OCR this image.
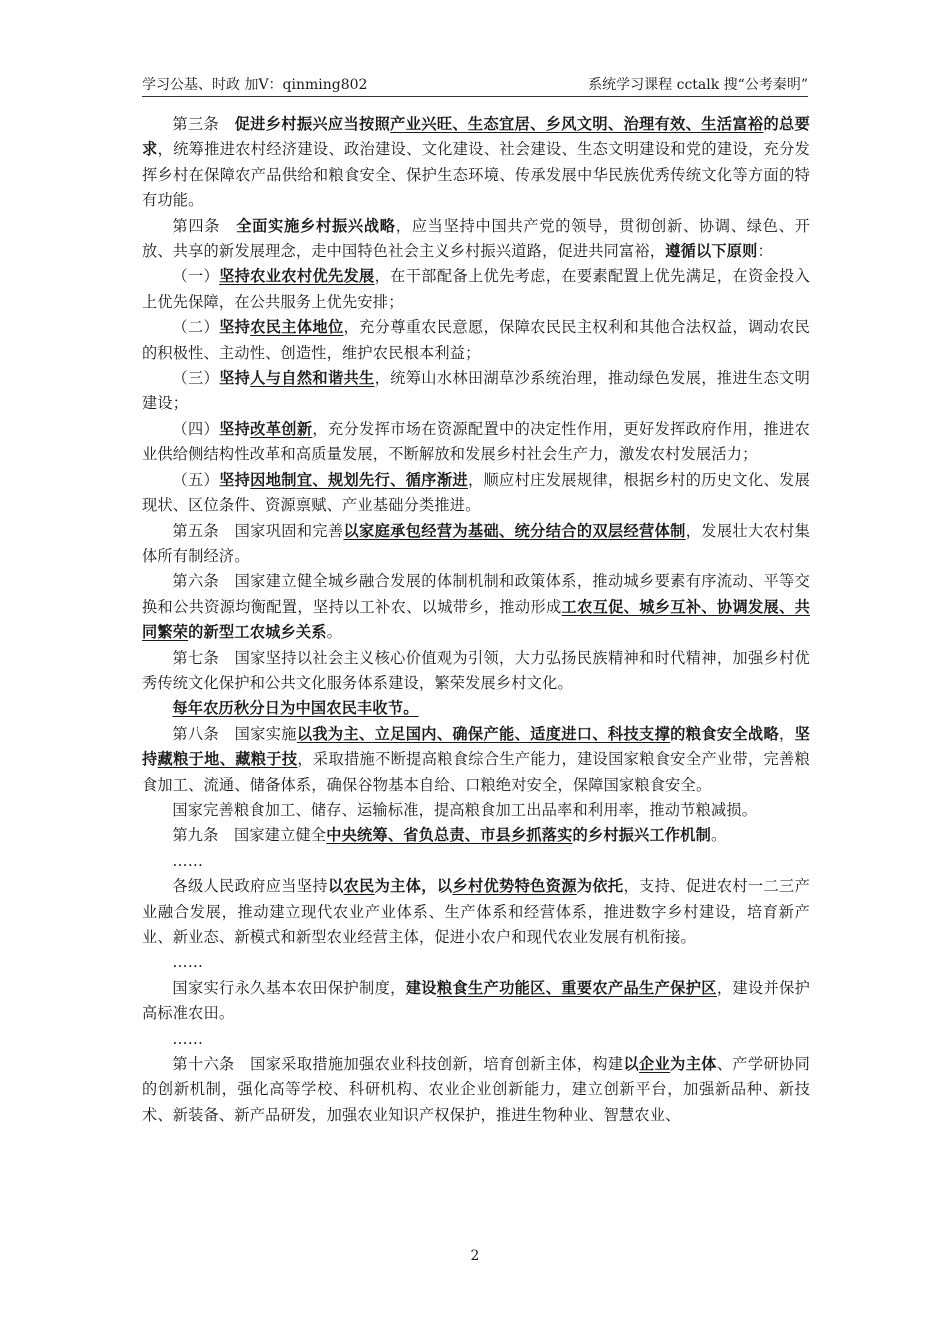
学习公基、时政 加V：qinming802	系统学习课程 cctalk 搜“公考秦明”

第三条　促进乡村振兴应当按照产业兴旺、生态宜居、乡风文明、治理有效、生活富裕的总要求，统筹推进农村经济建设、政治建设、文化建设、社会建设、生态文明建设和党的建设，充分发挥乡村在保障农产品供给和粮食安全、保护生态环境、传承发展中华民族优秀传统文化等方面的特有功能。

第四条　全面实施乡村振兴战略，应当坚持中国共产党的领导，贯彻创新、协调、绿色、开放、共享的新发展理念，走中国特色社会主义乡村振兴道路，促进共同富裕，遵循以下原则：

（一）坚持农业农村优先发展，在干部配备上优先考虑，在要素配置上优先满足，在资金投入上优先保障，在公共服务上优先安排；

（二）坚持农民主体地位，充分尊重农民意愿，保障农民民主权利和其他合法权益，调动农民的积极性、主动性、创造性，维护农民根本利益；

（三）坚持人与自然和谐共生，统筹山水林田湖草沙系统治理，推动绿色发展，推进生态文明建设；

（四）坚持改革创新，充分发挥市场在资源配置中的决定性作用，更好发挥政府作用，推进农业供给侧结构性改革和高质量发展，不断解放和发展乡村社会生产力，激发农村发展活力；

（五）坚持因地制宜、规划先行、循序渐进，顺应村庄发展规律，根据乡村的历史文化、发展现状、区位条件、资源禀赋、产业基础分类推进。

第五条　国家巩固和完善以家庭承包经营为基础、统分结合的双层经营体制，发展壮大农村集体所有制经济。

第六条　国家建立健全城乡融合发展的体制机制和政策体系，推动城乡要素有序流动、平等交换和公共资源均衡配置，坚持以工补农、以城带乡，推动形成工农互促、城乡互补、协调发展、共同繁荣的新型工农城乡关系。

第七条　国家坚持以社会主义核心价值观为引领，大力弘扬民族精神和时代精神，加强乡村优秀传统文化保护和公共文化服务体系建设，繁荣发展乡村文化。

每年农历秋分日为中国农民丰收节。

第八条　国家实施以我为主、立足国内、确保产能、适度进口、科技支撑的粮食安全战略，坚持藏粮于地、藏粮于技，采取措施不断提高粮食综合生产能力，建设国家粮食安全产业带，完善粮食加工、流通、储备体系，确保谷物基本自给、口粮绝对安全，保障国家粮食安全。

国家完善粮食加工、储存、运输标准，提高粮食加工出品率和利用率，推动节粮减损。

第九条　国家建立健全中央统筹、省负总责、市县乡抓落实的乡村振兴工作机制。

……

各级人民政府应当坚持以农民为主体，以乡村优势特色资源为依托，支持、促进农村一二三产业融合发展，推动建立现代农业产业体系、生产体系和经营体系，推进数字乡村建设，培育新产业、新业态、新模式和新型农业经营主体，促进小农户和现代农业发展有机衔接。

……

国家实行永久基本农田保护制度，建设粮食生产功能区、重要农产品生产保护区，建设并保护高标准农田。

……

第十六条　国家采取措施加强农业科技创新，培育创新主体，构建以企业为主体、产学研协同的创新机制，强化高等学校、科研机构、农业企业创新能力，建立创新平台，加强新品种、新技术、新装备、新产品研发，加强农业知识产权保护，推进生物种业、智慧农业、

2
